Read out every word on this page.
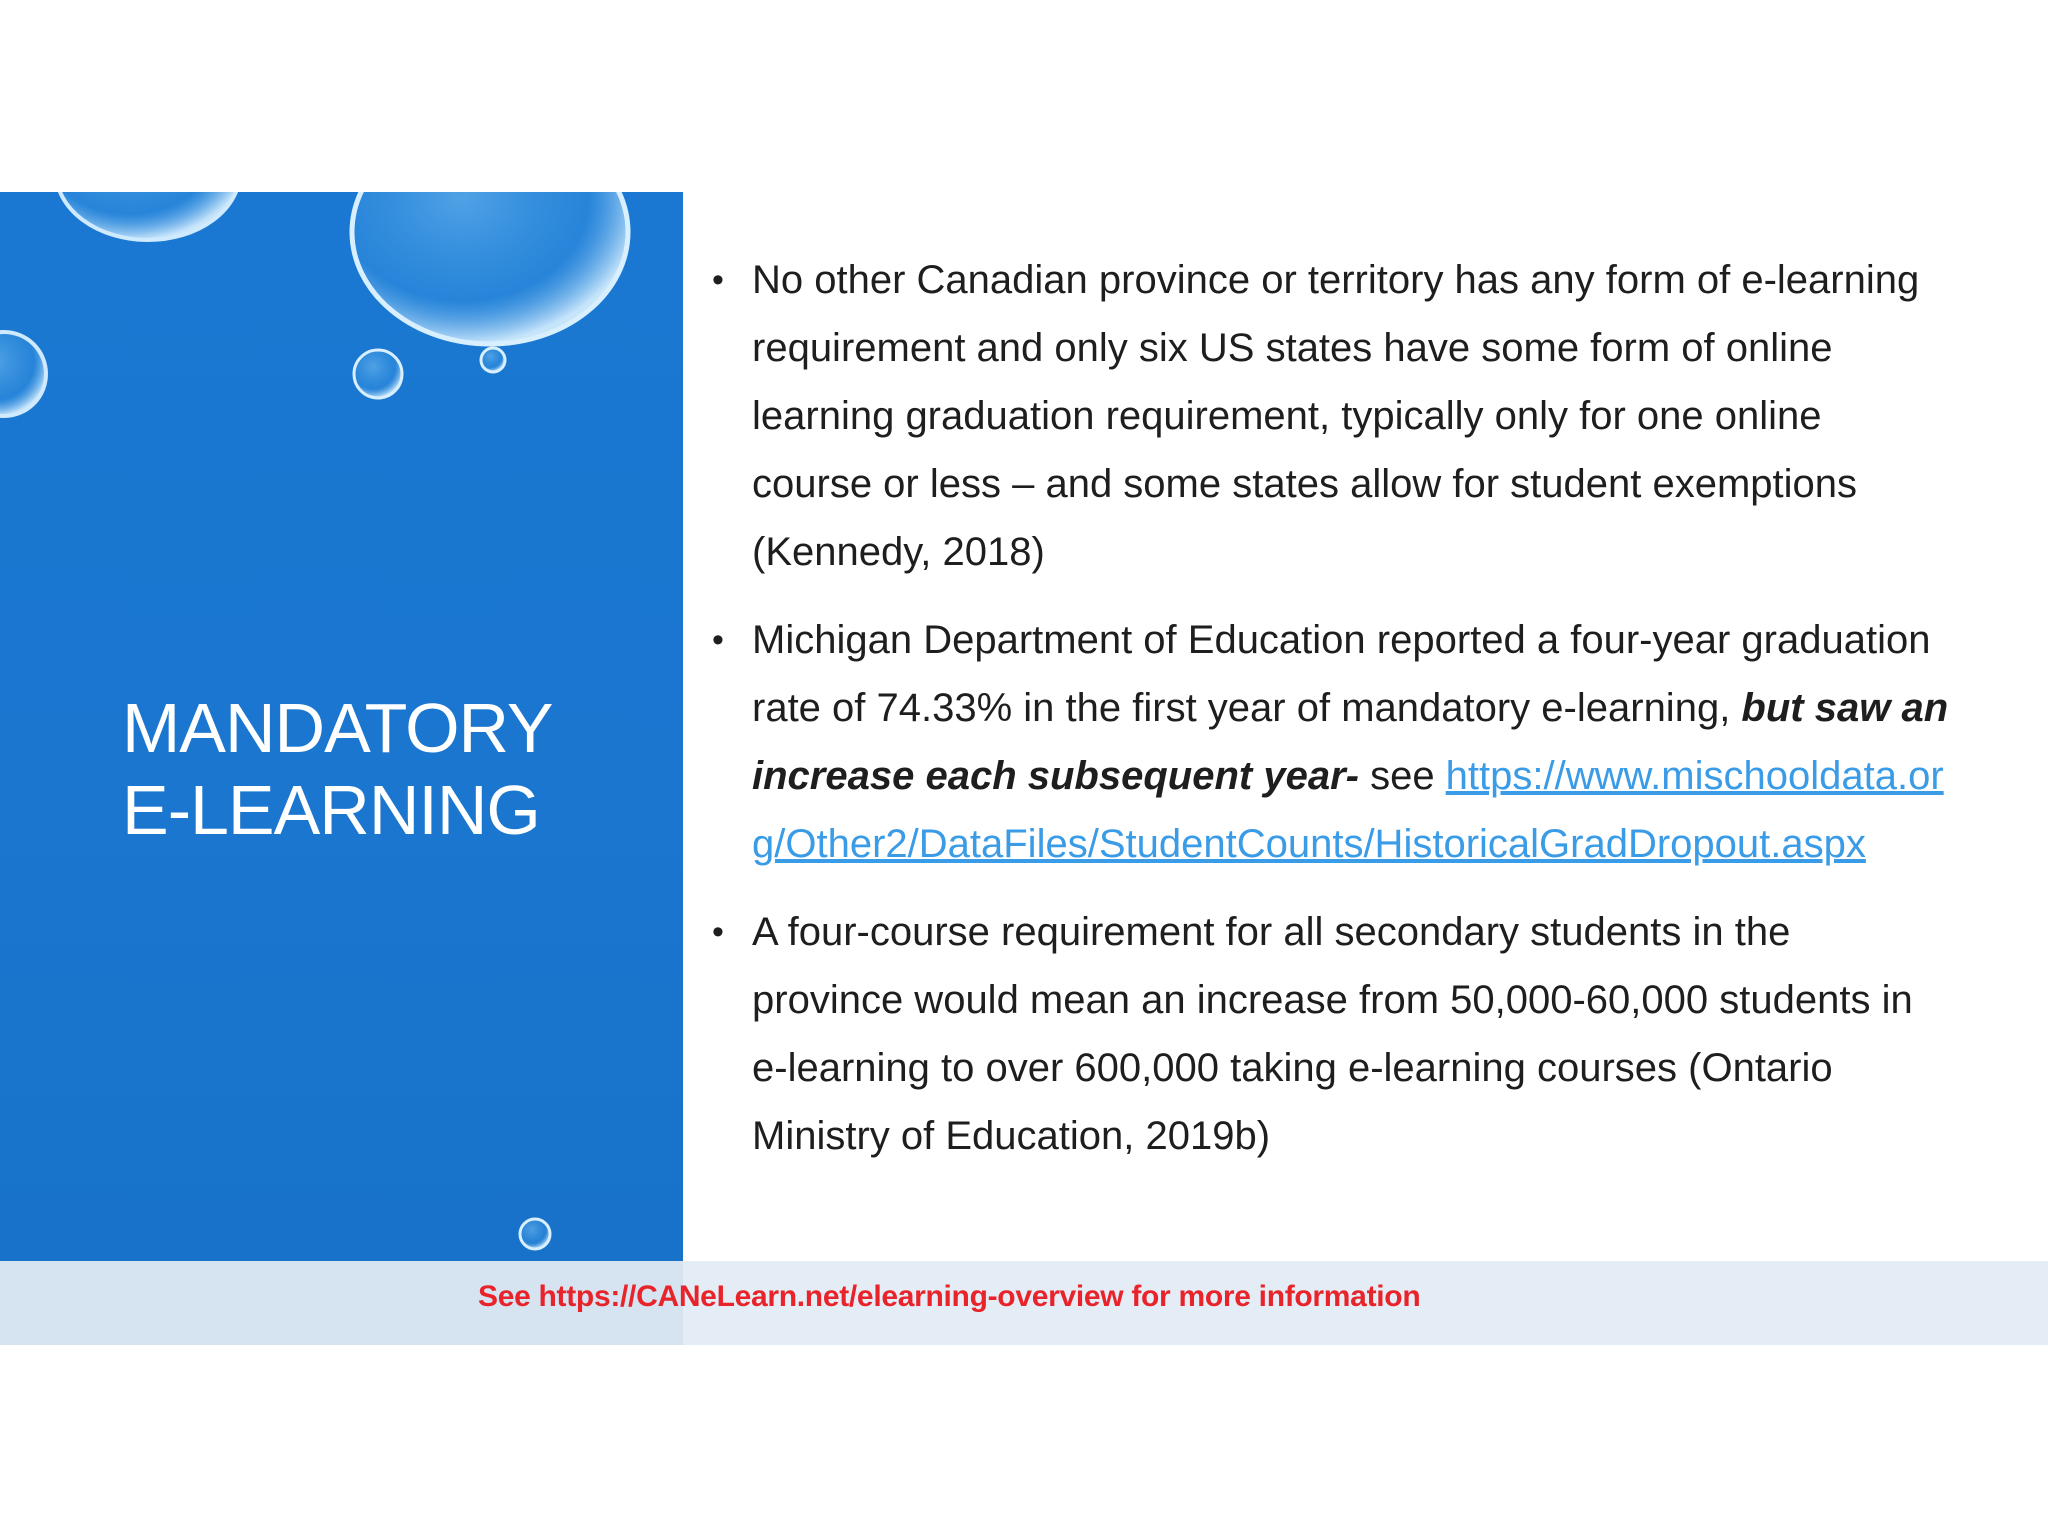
MANDATORY
E-LEARNING
• No other Canadian province or territory has any form of e-learning requirement and only six US states have some form of online learning graduation requirement, typically only for one online course or less – and some states allow for student exemptions (Kennedy, 2018)
• Michigan Department of Education reported a four-year graduation rate of 74.33% in the first year of mandatory e-learning, but saw an increase each subsequent year- see https://www.mischooldata.org/Other2/DataFiles/StudentCounts/HistoricalGradDropout.aspx
• A four-course requirement for all secondary students in the province would mean an increase from 50,000-60,000 students in e-learning to over 600,000 taking e-learning courses (Ontario Ministry of Education, 2019b)
See https://CANeLearn.net/elearning-overview for more information
